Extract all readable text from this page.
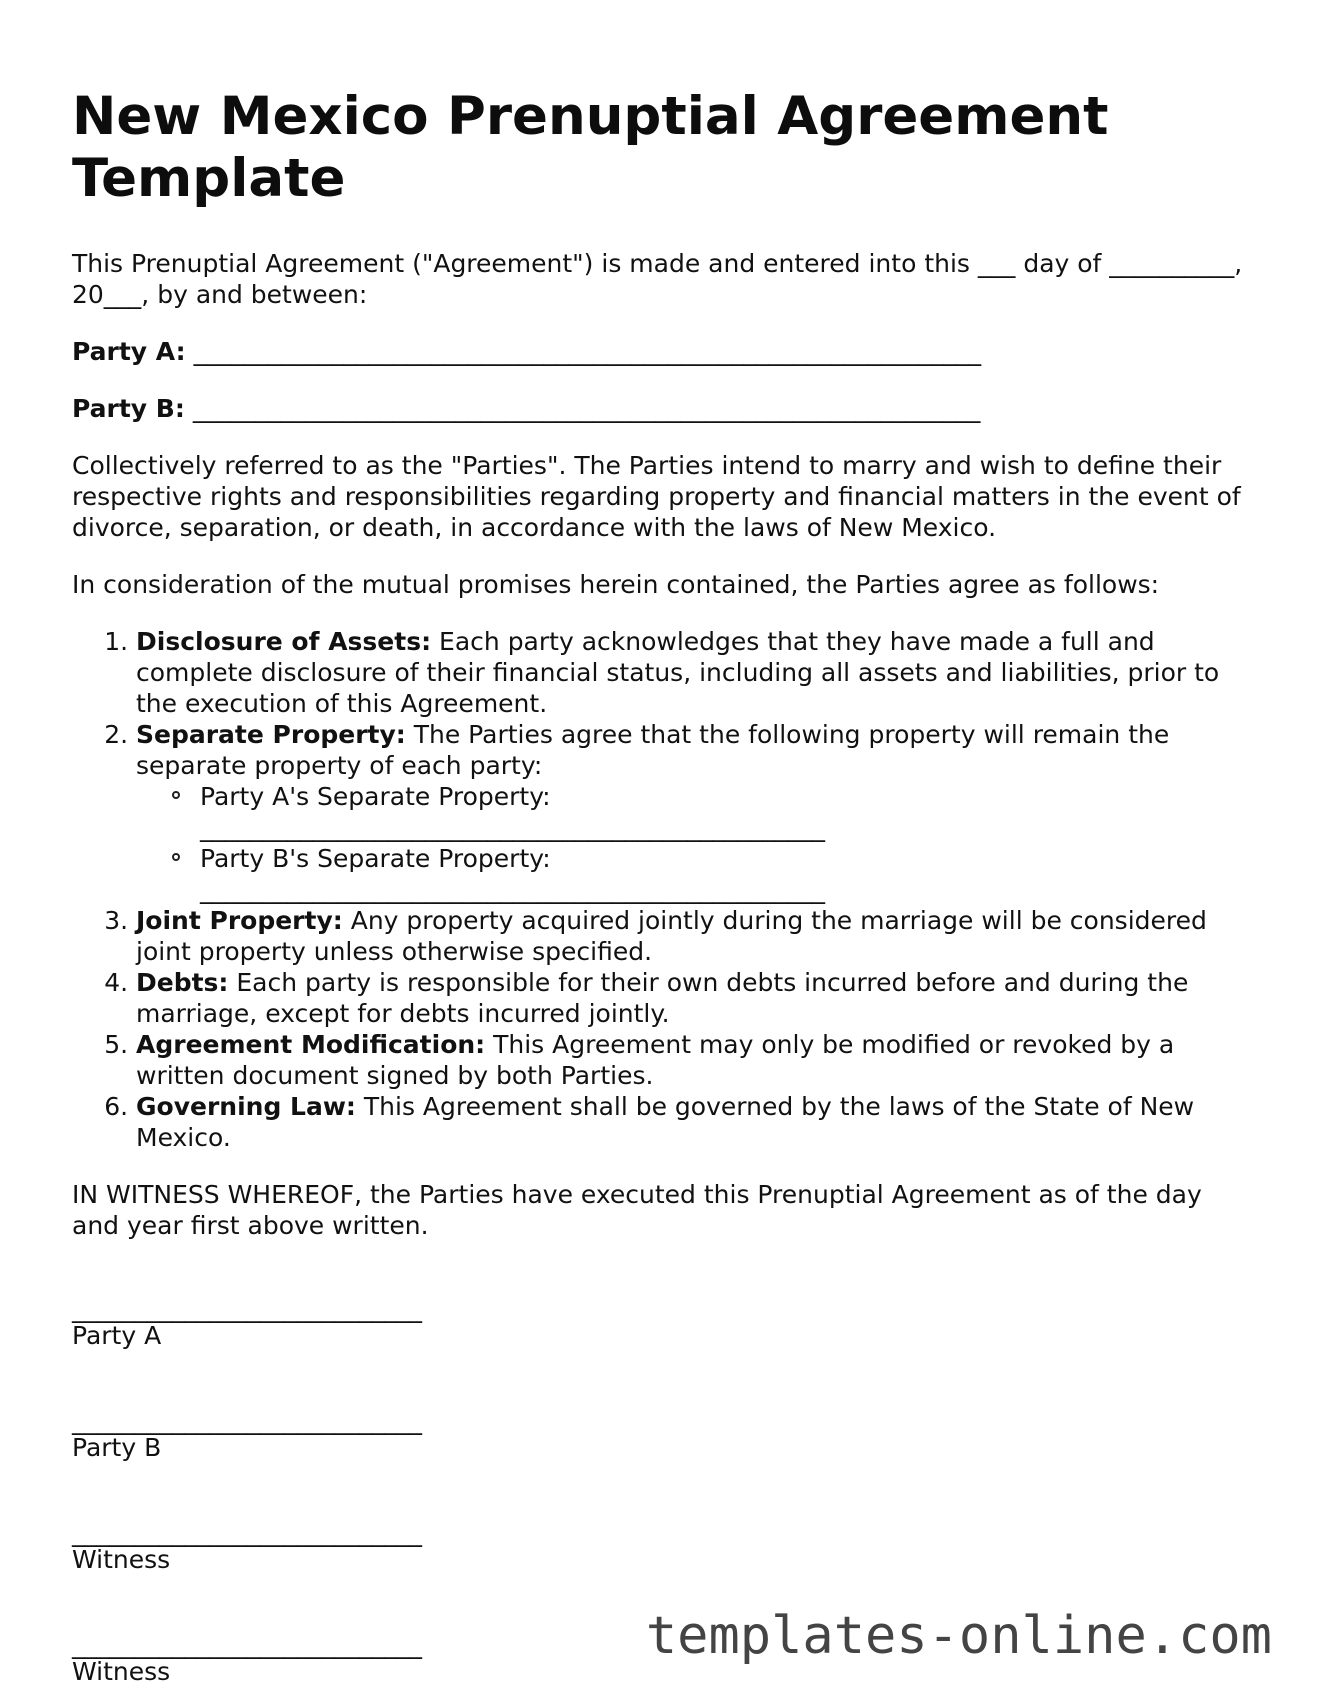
New Mexico Prenuptial Agreement Template

This Prenuptial Agreement ("Agreement") is made and entered into this ___ day of __________, 20___, by and between:

Party A: _______________________________________________________________

Party B: _______________________________________________________________

Collectively referred to as the "Parties". The Parties intend to marry and wish to define their respective rights and responsibilities regarding property and financial matters in the event of divorce, separation, or death, in accordance with the laws of New Mexico.

In consideration of the mutual promises herein contained, the Parties agree as follows:

1. Disclosure of Assets: Each party acknowledges that they have made a full and complete disclosure of their financial status, including all assets and liabilities, prior to the execution of this Agreement.
2. Separate Property: The Parties agree that the following property will remain the separate property of each party:
Party A's Separate Property:
__________________________________________________
Party B's Separate Property:
__________________________________________________
3. Joint Property: Any property acquired jointly during the marriage will be considered joint property unless otherwise specified.
4. Debts: Each party is responsible for their own debts incurred before and during the marriage, except for debts incurred jointly.
5. Agreement Modification: This Agreement may only be modified or revoked by a written document signed by both Parties.
6. Governing Law: This Agreement shall be governed by the laws of the State of New Mexico.

IN WITNESS WHEREOF, the Parties have executed this Prenuptial Agreement as of the day and year first above written.

____________________________
Party A
____________________________
Party B
____________________________
Witness
____________________________
Witness
templates-online.com
